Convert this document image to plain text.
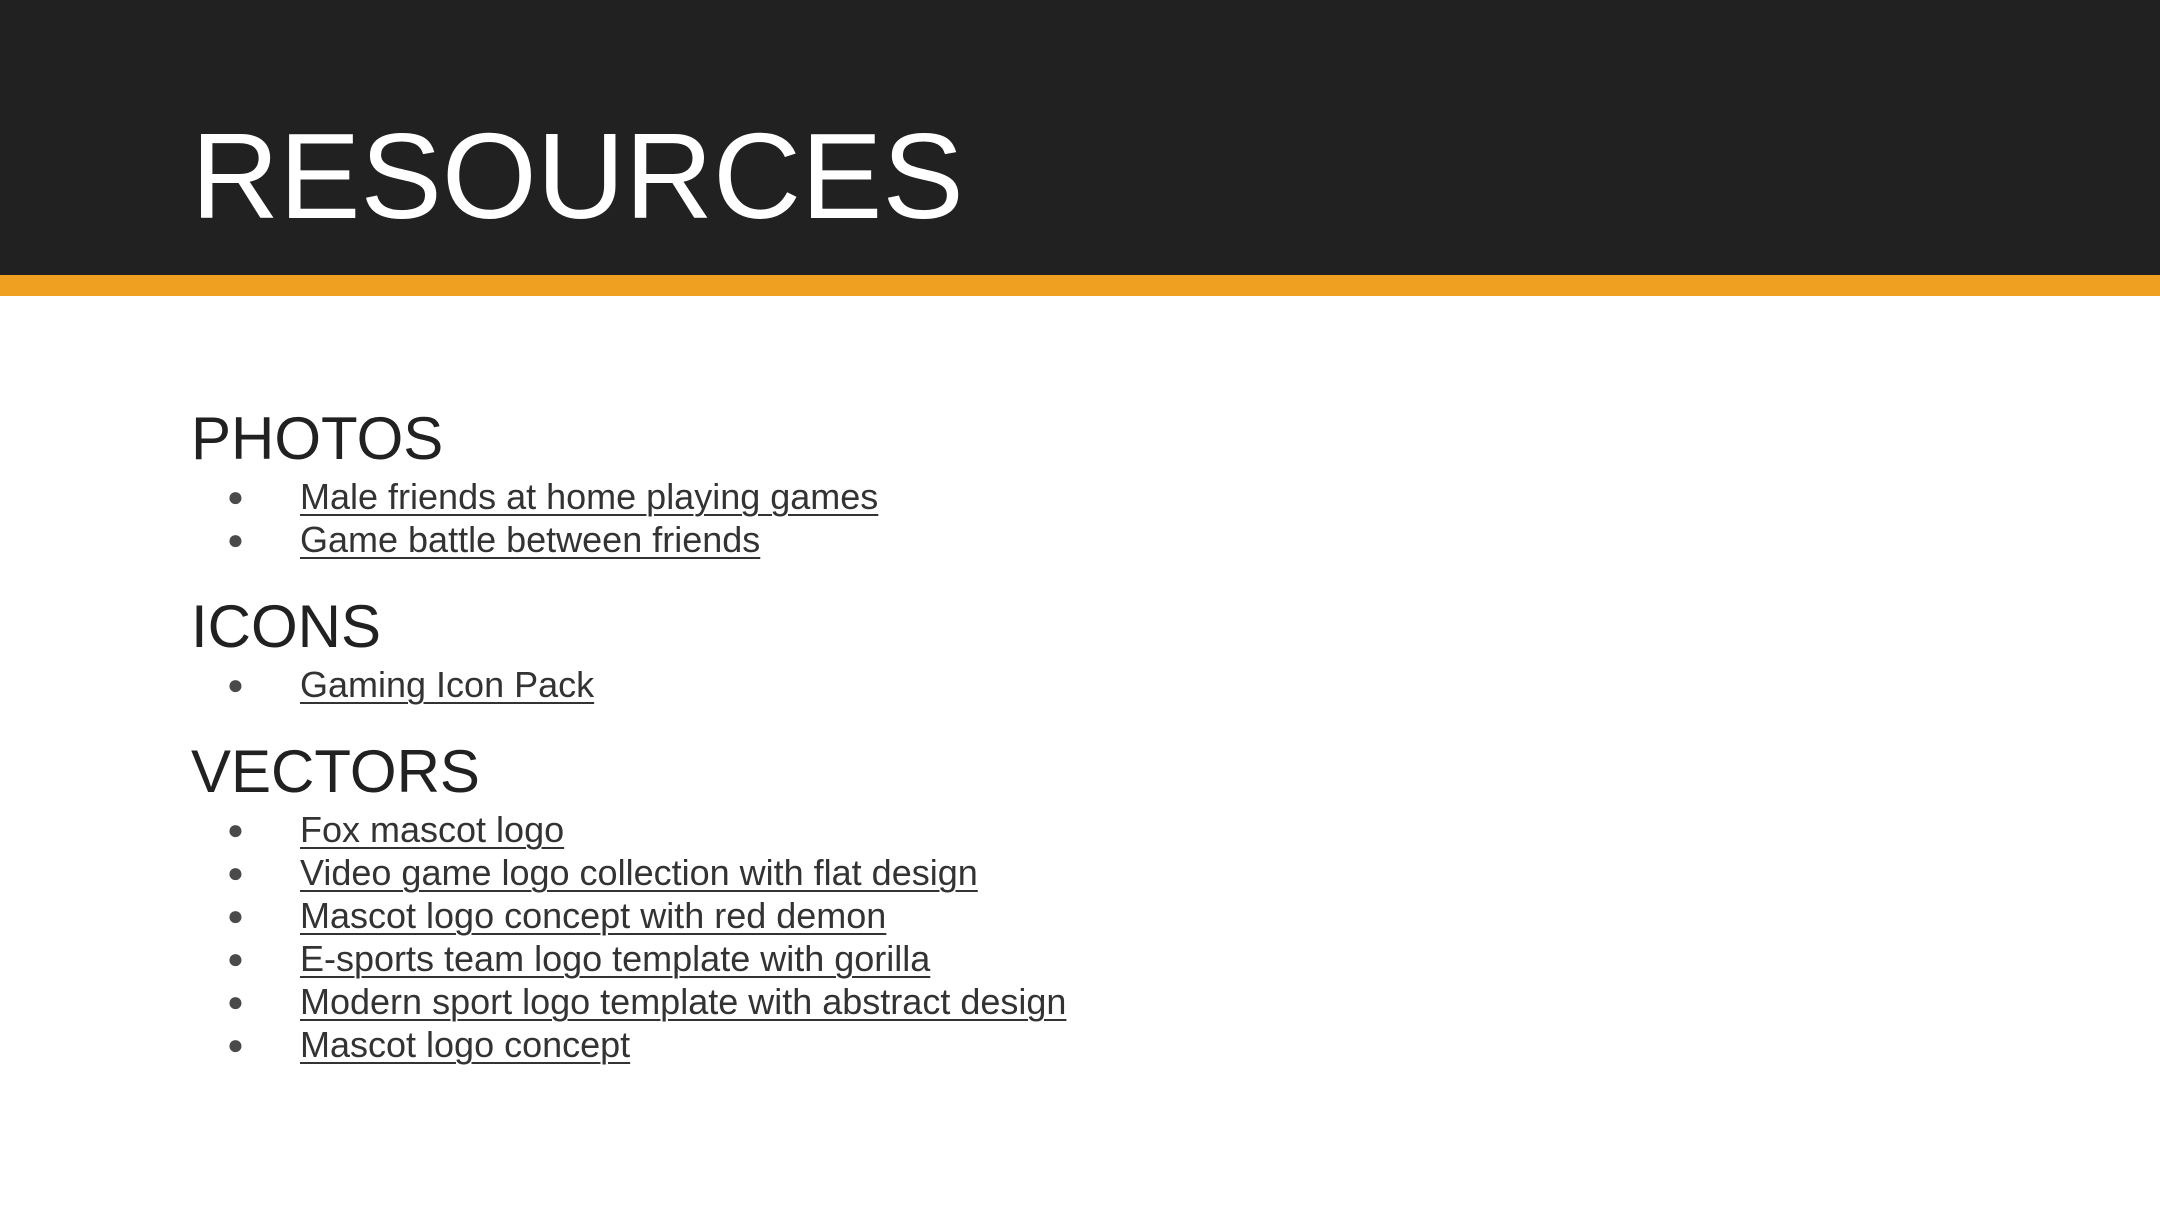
RESOURCES
PHOTOS
● Male friends at home playing games
● Game battle between friends
ICONS
● Gaming Icon Pack
VECTORS
● Fox mascot logo
● Video game logo collection with flat design
● Mascot logo concept with red demon
● E-sports team logo template with gorilla
● Modern sport logo template with abstract design
● Mascot logo concept
